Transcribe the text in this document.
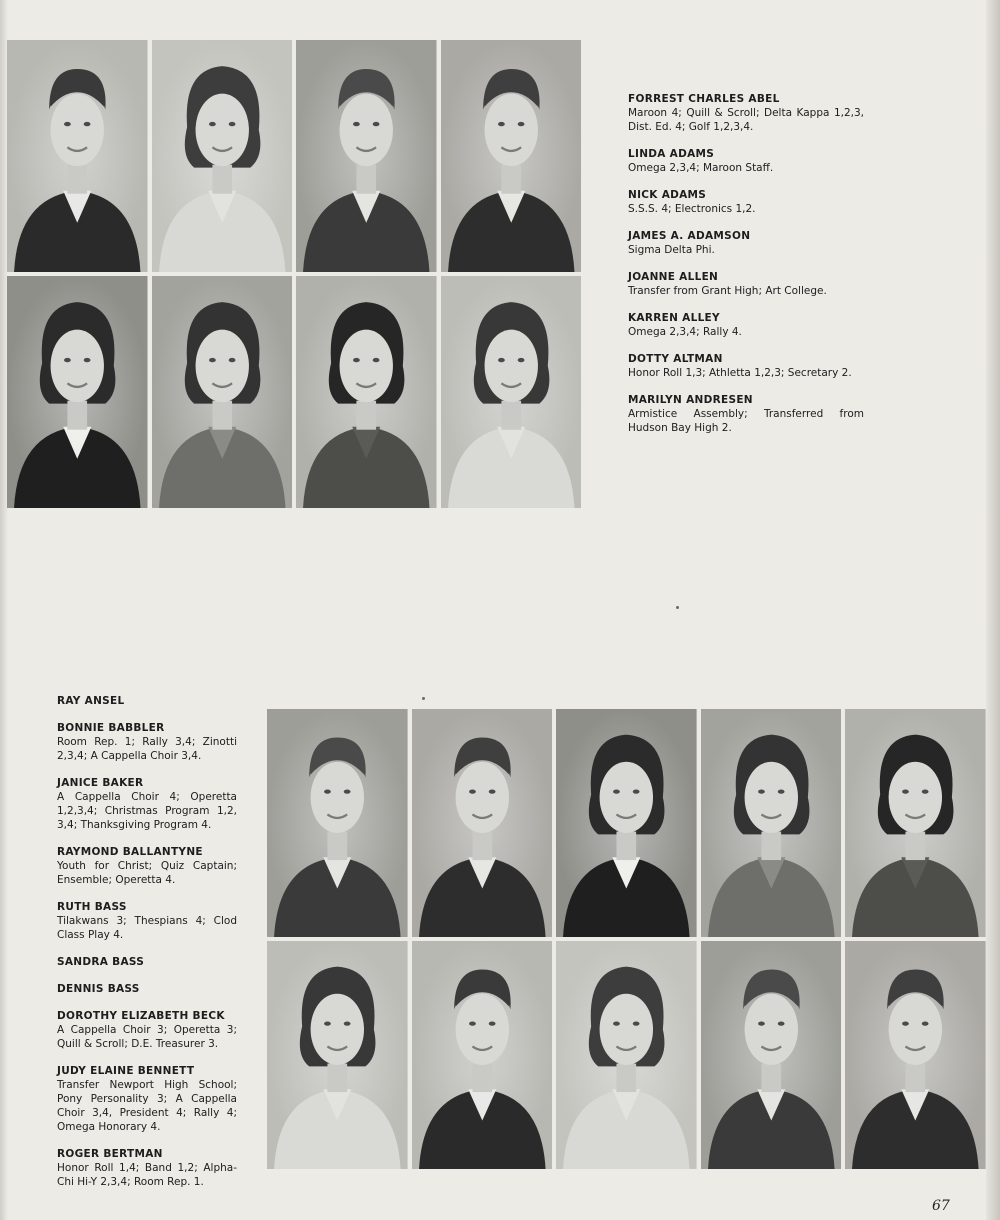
FORREST CHARLES ABEL
Maroon 4; Quill & Scroll; Delta Kappa 1,2,3, Dist. Ed. 4; Golf 1,2,3,4.
LINDA ADAMS
Omega 2,3,4; Maroon Staff.
NICK ADAMS
S.S.S. 4; Electronics 1,2.
JAMES A. ADAMSON
Sigma Delta Phi.
JOANNE ALLEN
Transfer from Grant High; Art College.
KARREN ALLEY
Omega 2,3,4; Rally 4.
DOTTY ALTMAN
Honor Roll 1,3; Athletta 1,2,3; Secretary 2.
MARILYN ANDRESEN
Armistice Assembly; Transferred from Hudson Bay High 2.
RAY ANSEL
BONNIE BABBLER
Room Rep. 1; Rally 3,4; Zinotti 2,3,4; A Cappella Choir 3,4.
JANICE BAKER
A Cappella Choir 4; Operetta 1,2,3,4; Christmas Program 1,2, 3,4; Thanksgiving Program 4.
RAYMOND BALLANTYNE
Youth for Christ; Quiz Captain; Ensemble; Operetta 4.
RUTH BASS
Tilakwans 3; Thespians 4; Clod Class Play 4.
SANDRA BASS
DENNIS BASS
DOROTHY ELIZABETH BECK
A Cappella Choir 3; Operetta 3; Quill & Scroll; D.E. Treasurer 3.
JUDY ELAINE BENNETT
Transfer Newport High School; Pony Personality 3; A Cappella Choir 3,4, President 4; Rally 4; Omega Honorary 4.
ROGER BERTMAN
Honor Roll 1,4; Band 1,2; Alpha-Chi Hi-Y 2,3,4; Room Rep. 1.
67
